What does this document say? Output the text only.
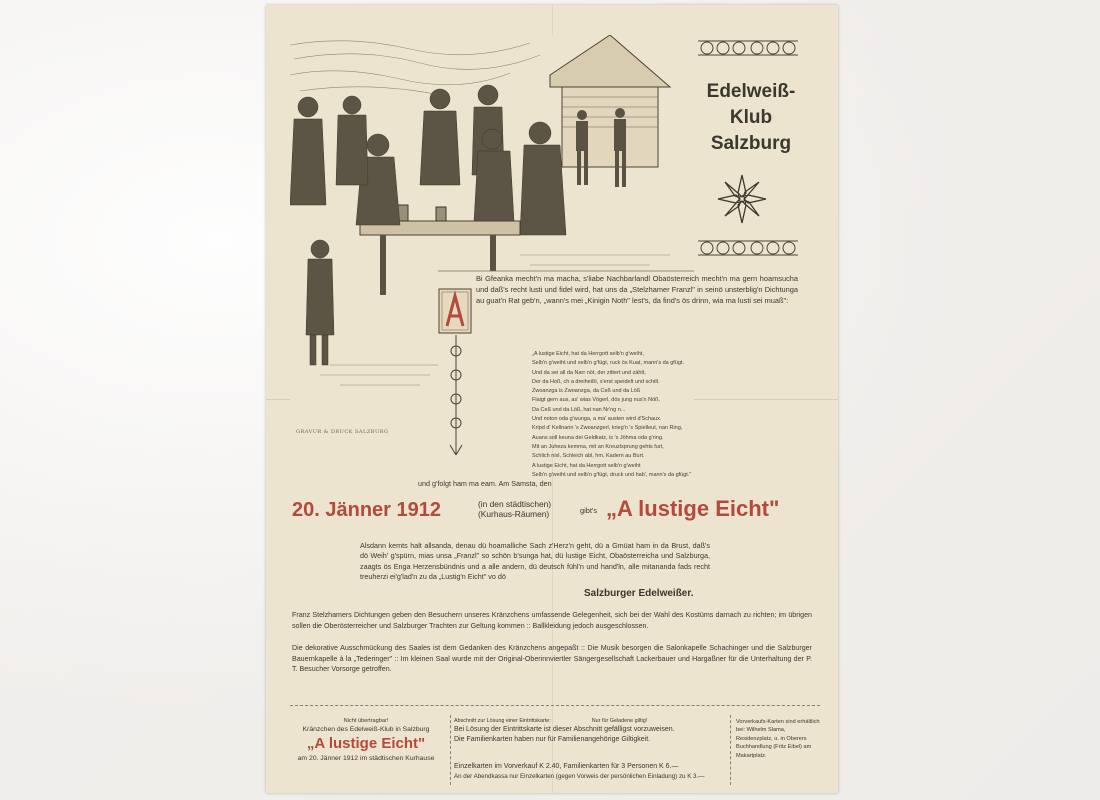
GRAVUR & DRUCK SALZBURG
Edelweiß-
Klub
Salzburg
Bi Gfeanka mecht'n ma macha, s'liabe Nachbarlandl Obaösterreich mecht'n ma gern hoamsucha und daß's recht lusti und fidel wird, hat uns da „Stelzhamer Franzl" in seinö unsterblig'n Dichtunga au guat'n Rat geb'n, „wann's mei „Kinigin Noth" lest's, da find's ös drinn, wia ma lusti sei muaß":
„A lustige Eicht, hat da Herrgott selb'n g'weiht,
Selb'n g'weiht und selb'n g'fügt, ruck ös Kuat, mann's da gfügt.
Und da sei all da Narr nöt, der zittert und zählt,
Der da Hoß, ch a dreiheißt, s'erst speidelt und schilt.
Zwoanzga is Zwoanzga, da Ceß und da Löß
Flaigt gern aus, as' wias Vögerl, dös jung nus'n Nöß.
Da Ceß und da Löß, hat nan Nr'ng n...
Und noton oda g'wunga, a ma' austen wird d'Schaux.
Kripd d' Kellnarin 's Zwoanzgerl, krieg'n 's Spielleut, nan Ring,
Auans soll keuna dei Geldkatz, is 's Jöhma oda g'ring.
Mit an Juheza kemma, mit an Kreuzlsprung gehts furt,
Schlich nixl, Schleich abl, hm, Kadern au Burt.
A lustige Eicht, hat da Herrgott selb'n g'weiht
Selb'n g'weiht und selb'n g'fügt, druck und hab', mann's da gfügt."
und g'folgt ham ma eam. Am Samsta, den
20. Jänner 1912	(in den städtischen)
(Kurhaus-Räumen)	gibt's „A lustige Eicht"
Alsdann kemts halt allsanda, denau dü hoamalliche Sach z'Herz'n geht, dü a Gmüat ham in da Brust, daß's dö Weih' g'spürn, mias unsa „Franzl" so schön b'sunga hat, dü lustige Eicht, Obaösterreicha und Salzburga, zaagts ös Enga Herzensbündnis und a alle andern, dü deutsch fühl'n und hand'ln, alle mitananda fads recht treuherzi ei'g'lad'n zu da „Lustig'n Eicht" vo dö
Salzburger Edelweißer.
Franz Stelzhamers Dichtungen geben den Besuchern unseres Kränzchens umfassende Gelegenheit, sich bei der Wahl des Kostüms darnach zu richten; im übrigen sollen die Oberösterreicher und Salzburger Trachten zur Geltung kommen :: Ballkleidung jedoch ausgeschlossen.
Die dekorative Ausschmückung des Saales ist dem Gedanken des Kränzchens angepaßt :: Die Musik besorgen die Salonkapelle Schachinger und die Salzburger Bauernkapelle à la „Tederinger" :: Im kleinen Saal wurde mit der Original-Oberinnviertler Sängergesellschaft Lackerbauer und Hargaßner für die Unterhaltung der P. T. Besucher Vorsorge getroffen.
Nicht übertragbar!
Kränzchen des Edelweiß-Klub in Salzburg
„A lustige Eicht"
am 20. Jänner 1912 im städtischen Kurhause
Abschnitt zur Lösung einer Eintrittskarte:	Nur für Geladene giltig!
Bei Lösung der Eintrittskarte ist dieser Abschnitt gefälligst vorzuweisen.
Die Familienkarten haben nur für Familienangehörige Giltigkeit.
Einzelkarten im Vorverkauf K 2.40, Familienkarten für 3 Personen K 6.—
An der Abendkassa nur Einzelkarten (gegen Vorweis der persönlichen Einladung) zu K 3.—
Vorverkaufs-Karten sind erhältlich bei: Wilhelm Slama, Residenzplatz, u. in Oberers Buchhandlung (Fritz Eibel) am Makartplatz.
